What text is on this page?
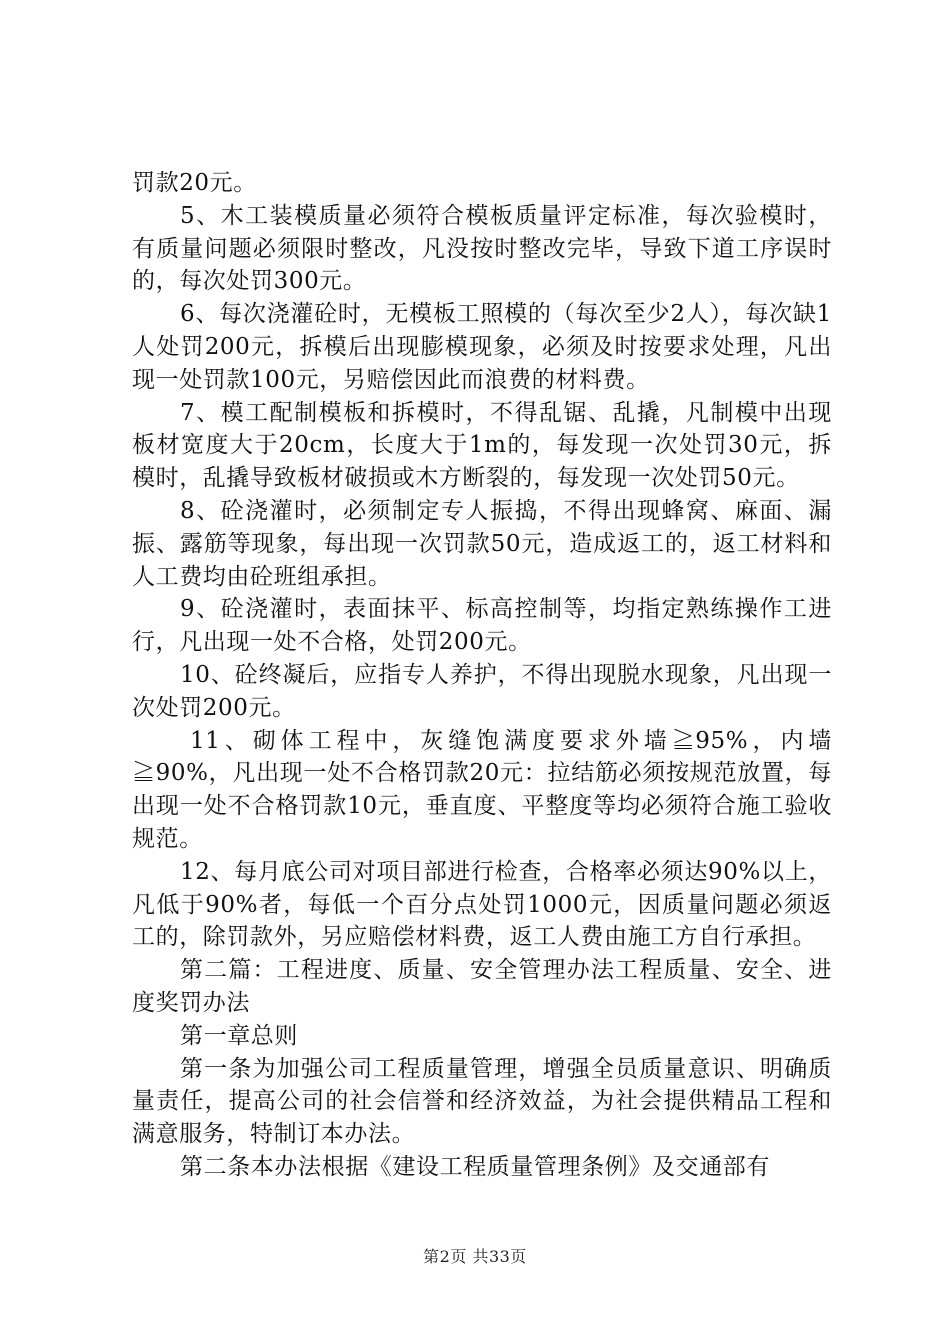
罚款20元。

5、木工装模质量必须符合模板质量评定标准，每次验模时，有质量问题必须限时整改，凡没按时整改完毕，导致下道工序误时的，每次处罚300元。

6、每次浇灌砼时，无模板工照模的（每次至少2人），每次缺1人处罚200元，拆模后出现膨模现象，必须及时按要求处理，凡出现一处罚款100元，另赔偿因此而浪费的材料费。

7、模工配制模板和拆模时，不得乱锯、乱撬，凡制模中出现板材宽度大于20cm，长度大于1m的，每发现一次处罚30元，拆模时，乱撬导致板材破损或木方断裂的，每发现一次处罚50元。

8、砼浇灌时，必须制定专人振捣，不得出现蜂窝、麻面、漏振、露筋等现象，每出现一次罚款50元，造成返工的，返工材料和人工费均由砼班组承担。

9、砼浇灌时，表面抹平、标高控制等，均指定熟练操作工进行，凡出现一处不合格，处罚200元。

10、砼终凝后，应指专人养护，不得出现脱水现象，凡出现一次处罚200元。

11、砌体工程中，灰缝饱满度要求外墙≧95%，内墙≧90%，凡出现一处不合格罚款20元：拉结筋必须按规范放置，每出现一处不合格罚款10元，垂直度、平整度等均必须符合施工验收规范。

12、每月底公司对项目部进行检查，合格率必须达90%以上，凡低于90%者，每低一个百分点处罚1000元，因质量问题必须返工的，除罚款外，另应赔偿材料费，返工人费由施工方自行承担。

第二篇：工程进度、质量、安全管理办法工程质量、安全、进度奖罚办法

第一章总则

第一条为加强公司工程质量管理，增强全员质量意识、明确质量责任，提高公司的社会信誉和经济效益，为社会提供精品工程和满意服务，特制订本办法。

第二条本办法根据《建设工程质量管理条例》及交通部有

第2页 共33页
